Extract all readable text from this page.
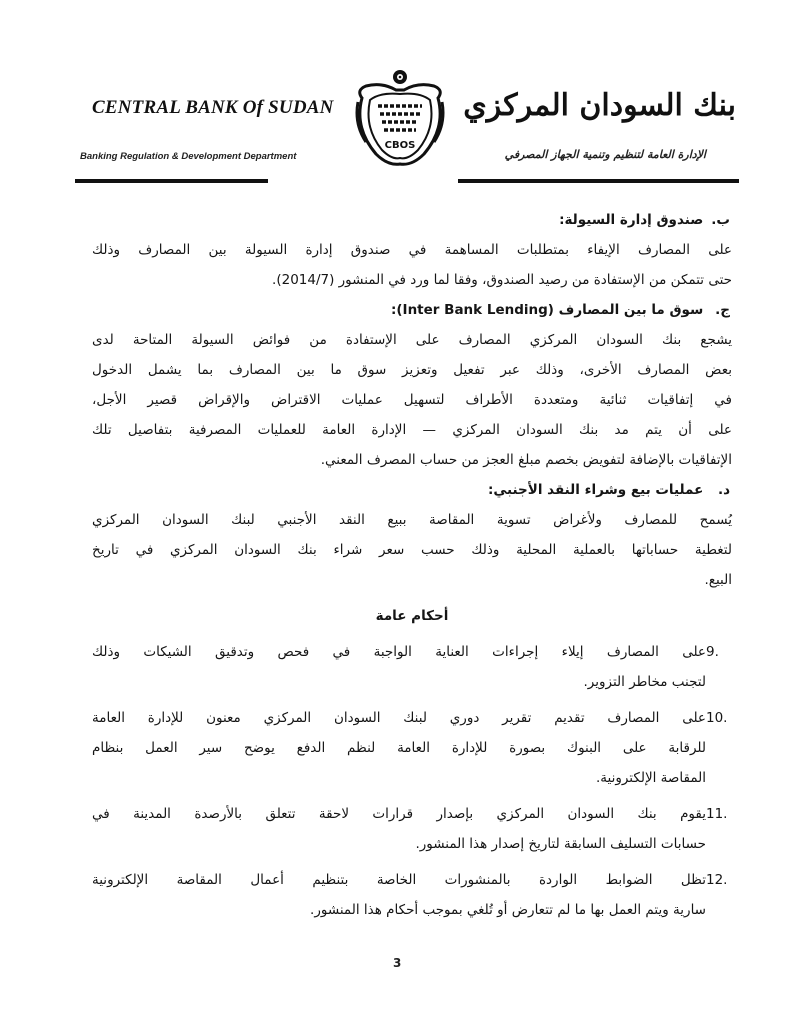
CENTRAL BANK Of SUDAN
Banking Regulation & Development Department
CBOS
بنك السودان المركزي
الإدارة العامة لتنظيم وتنمية الجهاز المصرفي
ب. صندوق إدارة السيولة:
على المصارف الإيفاء بمتطلبات المساهمة في صندوق إدارة السيولة بين المصارف وذلك
حتى تتمكن من الإستفادة من رصيد الصندوق، وفقا لما ورد في المنشور (2014/7).
ج. سوق ما بين المصارف (Inter Bank Lending):
يشجع بنك السودان المركزي المصارف على الإستفادة من فوائض السيولة المتاحة لدى
بعض المصارف الأخرى، وذلك عبر تفعيل وتعزيز سوق ما بين المصارف بما يشمل الدخول
في إتفاقيات ثنائية ومتعددة الأطراف لتسهيل عمليات الاقتراض والإقراض قصير الأجل،
على أن يتم مد بنك السودان المركزي — الإدارة العامة للعمليات المصرفية بتفاصيل تلك
الإتفاقيات بالإضافة لتفويض بخصم مبلغ العجز من حساب المصرف المعني.
د. عمليات بيع وشراء النقد الأجنبي:
يُسمح للمصارف ولأغراض تسوية المقاصة ببيع النقد الأجنبي لبنك السودان المركزي
لتغطية حساباتها بالعملية المحلية وذلك حسب سعر شراء بنك السودان المركزي في تاريخ
البيع.
أحكام عامة
9.على المصارف إيلاء إجراءات العناية الواجبة في فحص وتدقيق الشيكات وذلك
لتجنب مخاطر التزوير.
10.على المصارف تقديم تقرير دوري لبنك السودان المركزي معنون للإدارة العامة
للرقابة على البنوك بصورة للإدارة العامة لنظم الدفع يوضح سير العمل بنظام
المقاصة الإلكترونية.
11.يقوم بنك السودان المركزي بإصدار قرارات لاحقة تتعلق بالأرصدة المدينة في
حسابات التسليف السابقة لتاريخ إصدار هذا المنشور.
12.تظل الضوابط الواردة بالمنشورات الخاصة بتنظيم أعمال المقاصة الإلكترونية
سارية ويتم العمل بها ما لم تتعارض أو تُلغي بموجب أحكام هذا المنشور.
3
